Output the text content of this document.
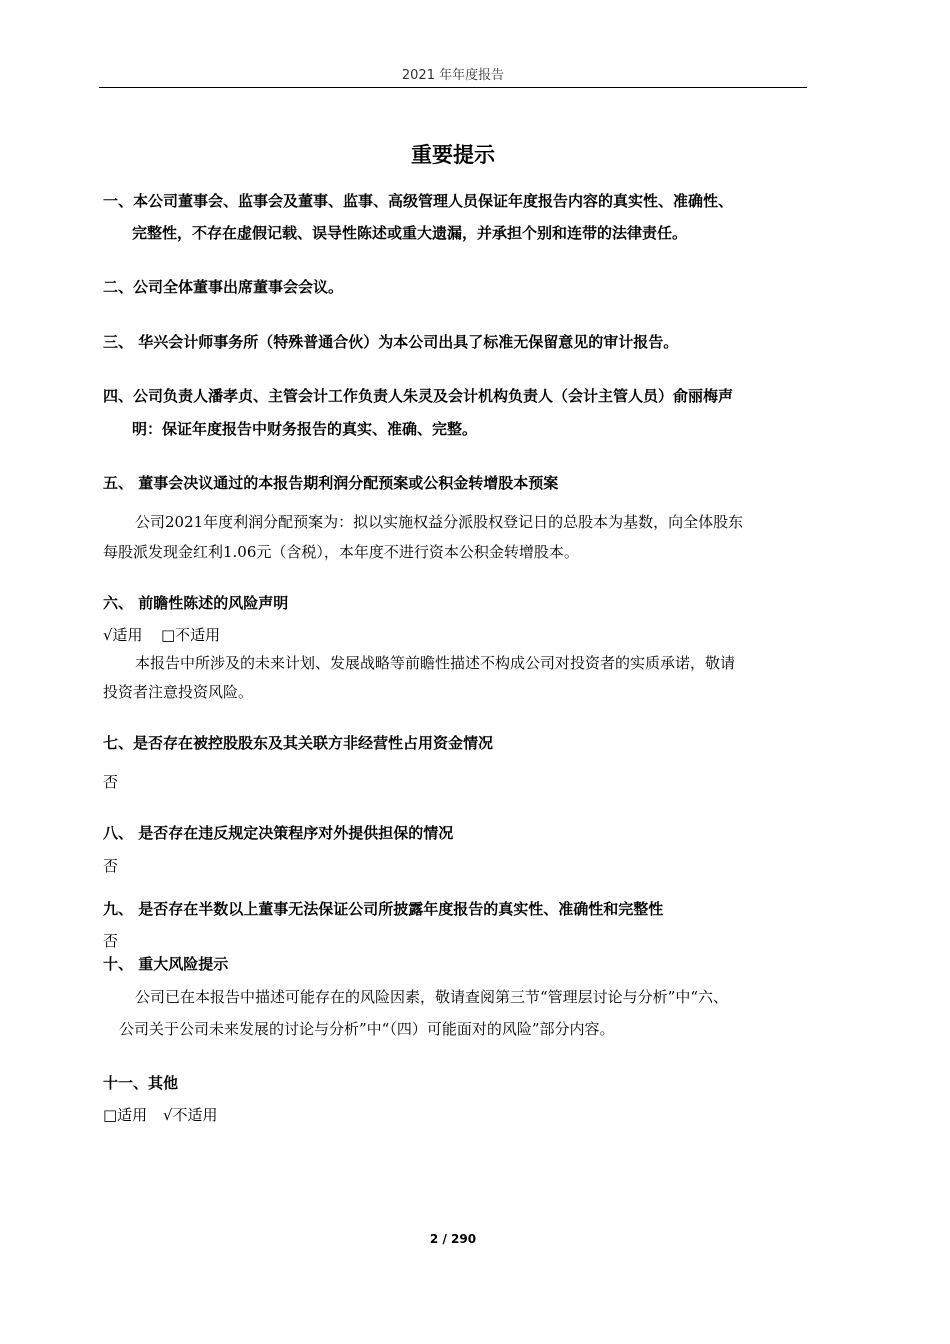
2021 年年度报告
重要提示
一、本公司董事会、监事会及董事、监事、高级管理人员保证年度报告内容的真实性、准确性、
完整性，不存在虚假记载、误导性陈述或重大遗漏，并承担个别和连带的法律责任。
二、公司全体董事出席董事会会议。
三、 华兴会计师事务所（特殊普通合伙）为本公司出具了标准无保留意见的审计报告。
四、公司负责人潘孝贞、主管会计工作负责人朱灵及会计机构负责人（会计主管人员）俞丽梅声
明：保证年度报告中财务报告的真实、准确、完整。
五、 董事会决议通过的本报告期利润分配预案或公积金转增股本预案
公司2021年度利润分配预案为：拟以实施权益分派股权登记日的总股本为基数，向全体股东
每股派发现金红利1.06元（含税），本年度不进行资本公积金转增股本。
六、 前瞻性陈述的风险声明
√适用 □不适用
本报告中所涉及的未来计划、发展战略等前瞻性描述不构成公司对投资者的实质承诺，敬请
投资者注意投资风险。
七、是否存在被控股股东及其关联方非经营性占用资金情况
否
八、 是否存在违反规定决策程序对外提供担保的情况
否
九、 是否存在半数以上董事无法保证公司所披露年度报告的真实性、准确性和完整性
否
十、 重大风险提示
公司已在本报告中描述可能存在的风险因素，敬请查阅第三节“管理层讨论与分析”中“六、
公司关于公司未来发展的讨论与分析”中“（四）可能面对的风险”部分内容。
十一、其他
□适用 √不适用
2 / 290
